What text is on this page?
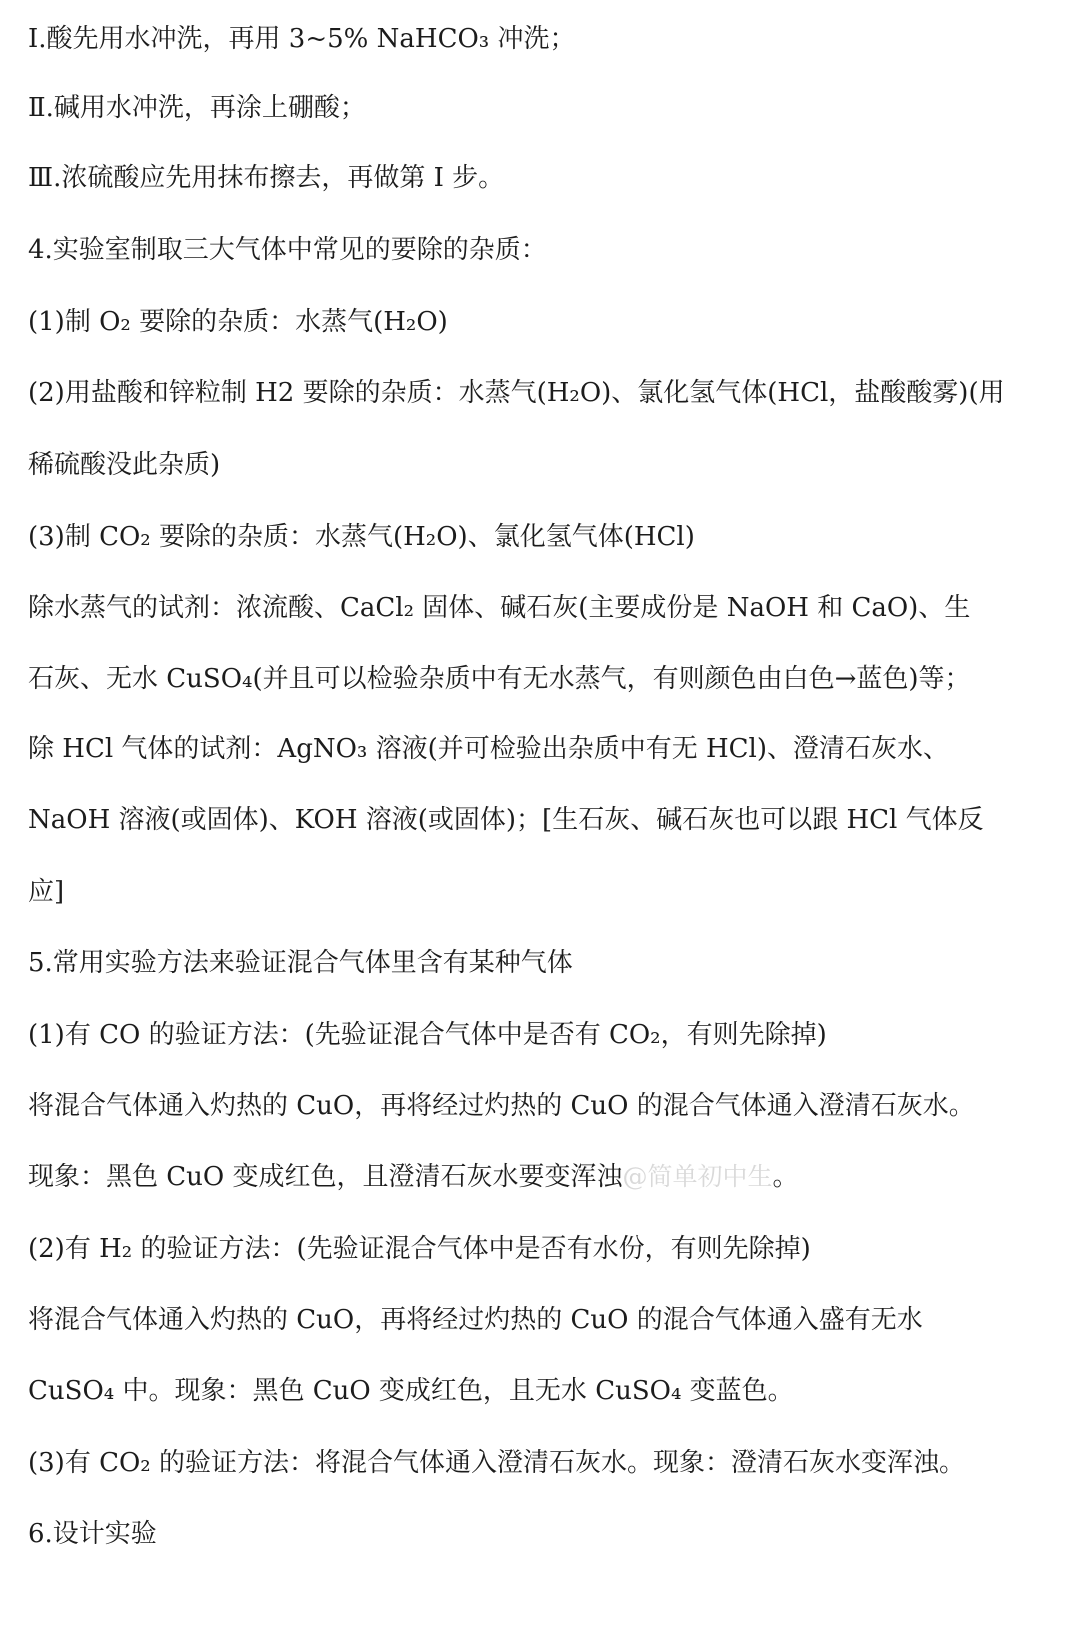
Ⅰ.酸先用水冲洗，再用 3~5% NaHCO₃ 冲洗；
Ⅱ.碱用水冲洗，再涂上硼酸；
Ⅲ.浓硫酸应先用抹布擦去，再做第 Ⅰ 步。
4.实验室制取三大气体中常见的要除的杂质：
(1)制 O₂ 要除的杂质：水蒸气(H₂O)
(2)用盐酸和锌粒制 H2 要除的杂质：水蒸气(H₂O)、氯化氢气体(HCl，盐酸酸雾)(用
稀硫酸没此杂质)
(3)制 CO₂ 要除的杂质：水蒸气(H₂O)、氯化氢气体(HCl)
除水蒸气的试剂：浓流酸、CaCl₂ 固体、碱石灰(主要成份是 NaOH 和 CaO)、生
石灰、无水 CuSO₄(并且可以检验杂质中有无水蒸气，有则颜色由白色→蓝色)等；
除 HCl 气体的试剂：AgNO₃ 溶液(并可检验出杂质中有无 HCl)、澄清石灰水、
NaOH 溶液(或固体)、KOH 溶液(或固体)；[生石灰、碱石灰也可以跟 HCl 气体反
应]
5.常用实验方法来验证混合气体里含有某种气体
(1)有 CO 的验证方法：(先验证混合气体中是否有 CO₂，有则先除掉)
将混合气体通入灼热的 CuO，再将经过灼热的 CuO 的混合气体通入澄清石灰水。
现象：黑色 CuO 变成红色，且澄清石灰水要变浑浊@简单初中生。
(2)有 H₂ 的验证方法：(先验证混合气体中是否有水份，有则先除掉)
将混合气体通入灼热的 CuO，再将经过灼热的 CuO 的混合气体通入盛有无水
CuSO₄ 中。现象：黑色 CuO 变成红色，且无水 CuSO₄ 变蓝色。
(3)有 CO₂ 的验证方法：将混合气体通入澄清石灰水。现象：澄清石灰水变浑浊。
6.设计实验
